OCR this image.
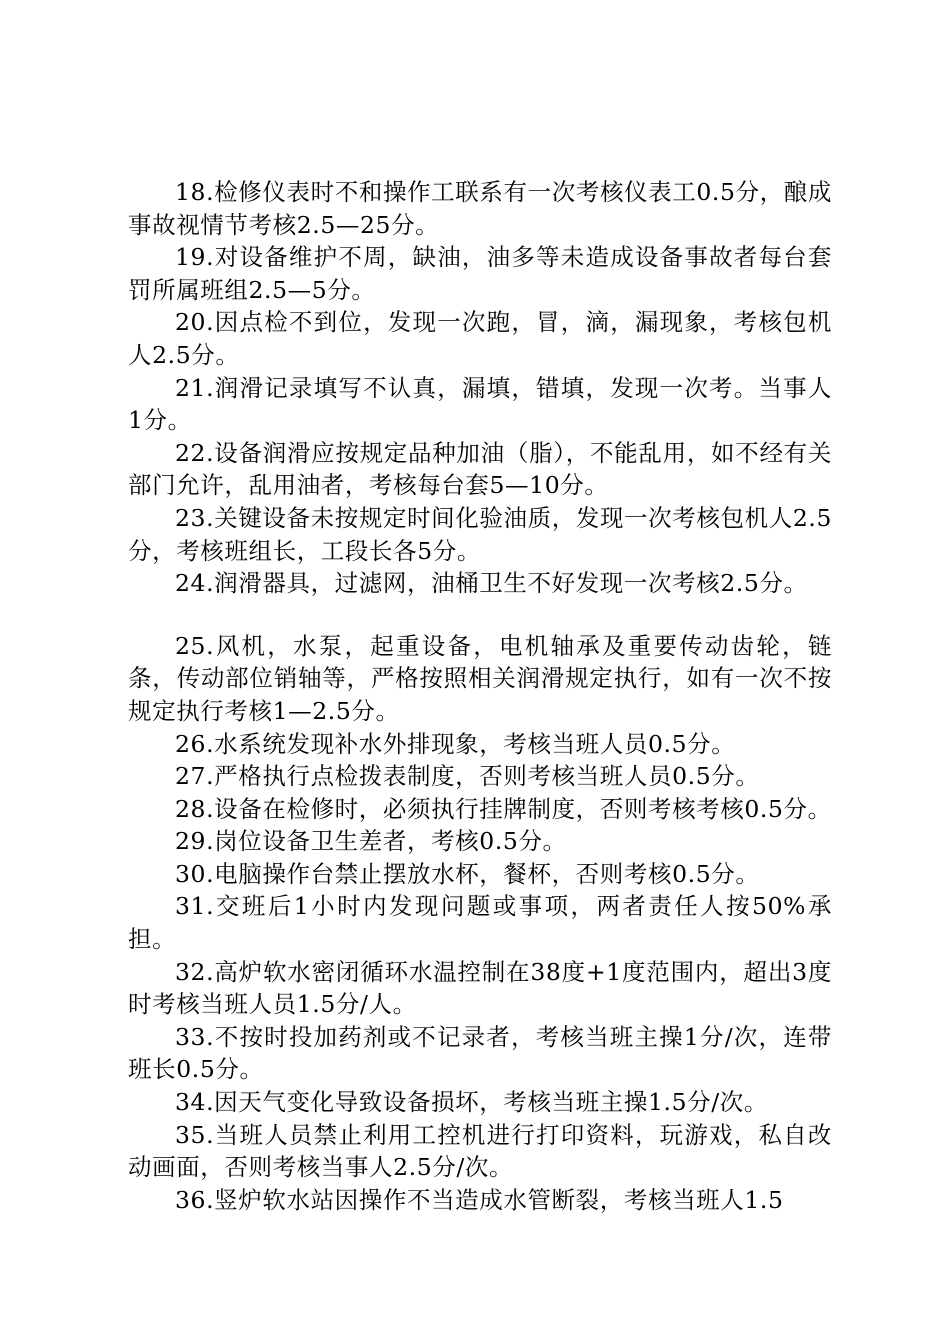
18.检修仪表时不和操作工联系有一次考核仪表工0.5分，酿成事故视情节考核2.5—25分。

19.对设备维护不周，缺油，油多等未造成设备事故者每台套罚所属班组2.5—5分。

20.因点检不到位，发现一次跑，冒，滴，漏现象，考核包机人2.5分。

21.润滑记录填写不认真，漏填，错填，发现一次考。当事人1分。

22.设备润滑应按规定品种加油（脂），不能乱用，如不经有关部门允许，乱用油者，考核每台套5—10分。

23.关键设备未按规定时间化验油质，发现一次考核包机人2.5分，考核班组长，工段长各5分。

24.润滑器具，过滤网，油桶卫生不好发现一次考核2.5分。

25.风机，水泵，起重设备，电机轴承及重要传动齿轮，链条，传动部位销轴等，严格按照相关润滑规定执行，如有一次不按规定执行考核1—2.5分。

26.水系统发现补水外排现象，考核当班人员0.5分。

27.严格执行点检拨表制度，否则考核当班人员0.5分。

28.设备在检修时，必须执行挂牌制度，否则考核考核0.5分。

29.岗位设备卫生差者，考核0.5分。

30.电脑操作台禁止摆放水杯，餐杯，否则考核0.5分。

31.交班后1小时内发现问题或事项，两者责任人按50%承担。

32.高炉软水密闭循环水温控制在38度+1度范围内，超出3度时考核当班人员1.5分/人。

33.不按时投加药剂或不记录者，考核当班主操1分/次，连带班长0.5分。

34.因天气变化导致设备损坏，考核当班主操1.5分/次。

35.当班人员禁止利用工控机进行打印资料，玩游戏，私自改动画面，否则考核当事人2.5分/次。

36.竖炉软水站因操作不当造成水管断裂，考核当班人1.5
